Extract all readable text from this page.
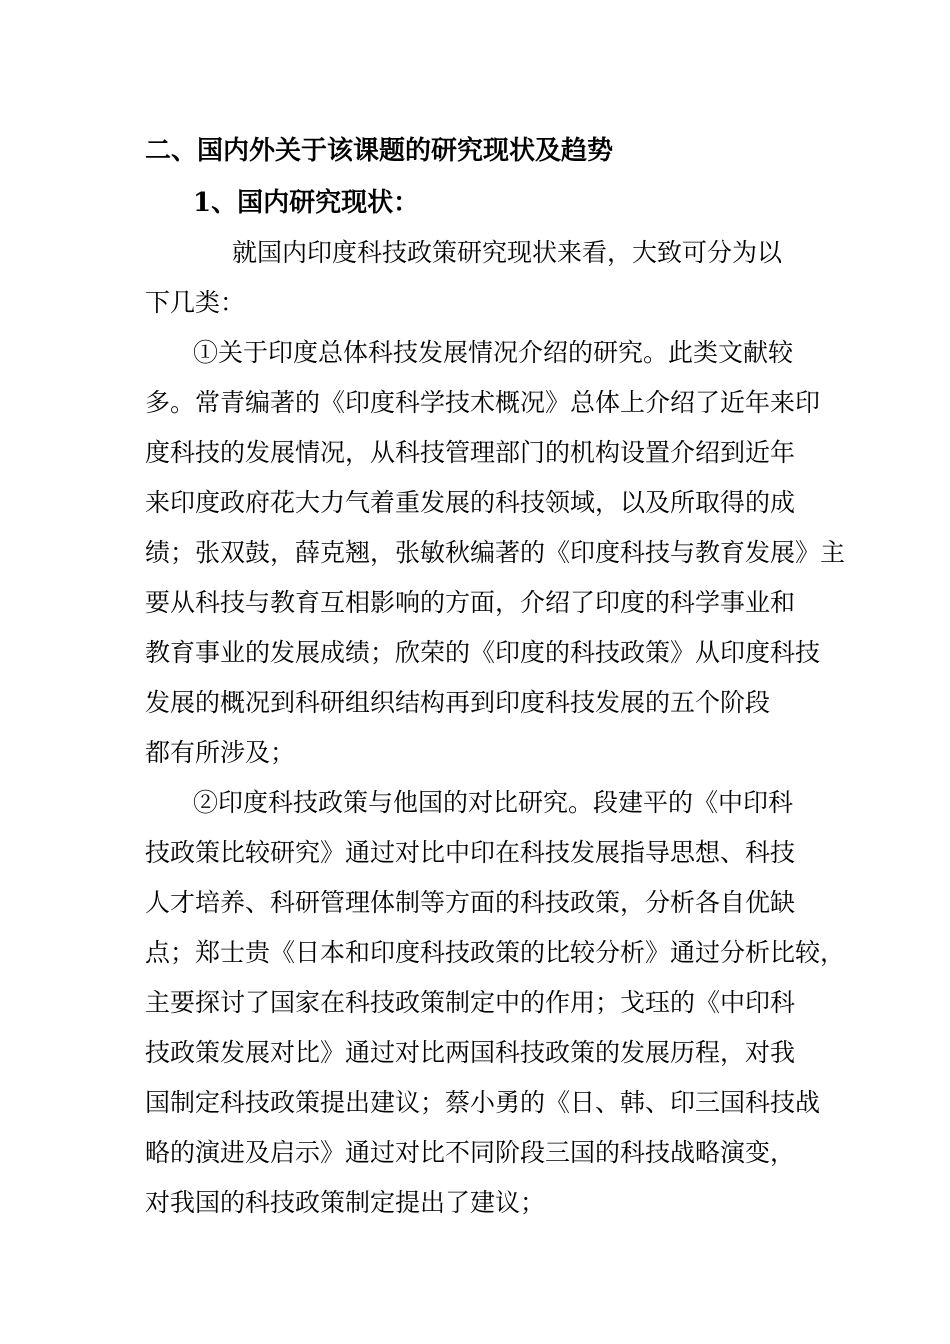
二、国内外关于该课题的研究现状及趋势
1、国内研究现状：
就国内印度科技政策研究现状来看，大致可分为以
下几类：
①关于印度总体科技发展情况介绍的研究。此类文献较
多。常青编著的《印度科学技术概况》总体上介绍了近年来印
度科技的发展情况，从科技管理部门的机构设置介绍到近年
来印度政府花大力气着重发展的科技领域，以及所取得的成
绩；张双鼓，薛克翘，张敏秋编著的《印度科技与教育发展》主
要从科技与教育互相影响的方面，介绍了印度的科学事业和
教育事业的发展成绩；欣荣的《印度的科技政策》从印度科技
发展的概况到科研组织结构再到印度科技发展的五个阶段
都有所涉及；
②印度科技政策与他国的对比研究。段建平的《中印科
技政策比较研究》通过对比中印在科技发展指导思想、科技
人才培养、科研管理体制等方面的科技政策，分析各自优缺
点；郑士贵《日本和印度科技政策的比较分析》通过分析比较，
主要探讨了国家在科技政策制定中的作用；戈珏的《中印科
技政策发展对比》通过对比两国科技政策的发展历程，对我
国制定科技政策提出建议；蔡小勇的《日、韩、印三国科技战
略的演进及启示》通过对比不同阶段三国的科技战略演变，
对我国的科技政策制定提出了建议；
